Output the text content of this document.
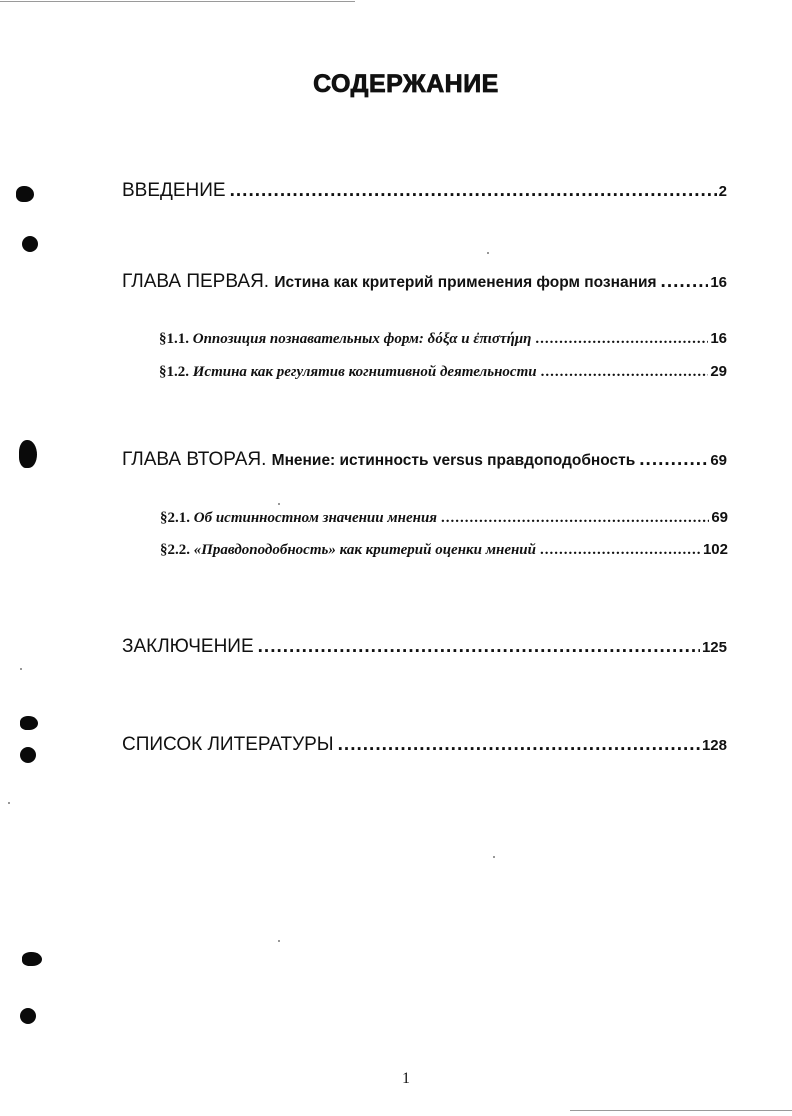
СОДЕРЖАНИЕ
ВВЕДЕНИЕ .....	2
ГЛАВА ПЕРВАЯ. Истина как критерий применения форм познания .....	16
§1.1. Оппозиция познавательных форм: δόξα и ἐπιστήμη .....	16
§1.2. Истина как регулятив когнитивной деятельности .....	29
ГЛАВА ВТОРАЯ. Мнение: истинность versus правдоподобность .....	69
§2.1. Об истинностном значении мнения .....	69
§2.2. «Правдоподобность» как критерий оценки мнений .....	102
ЗАКЛЮЧЕНИЕ .....	125
СПИСОК ЛИТЕРАТУРЫ .....	128
1
